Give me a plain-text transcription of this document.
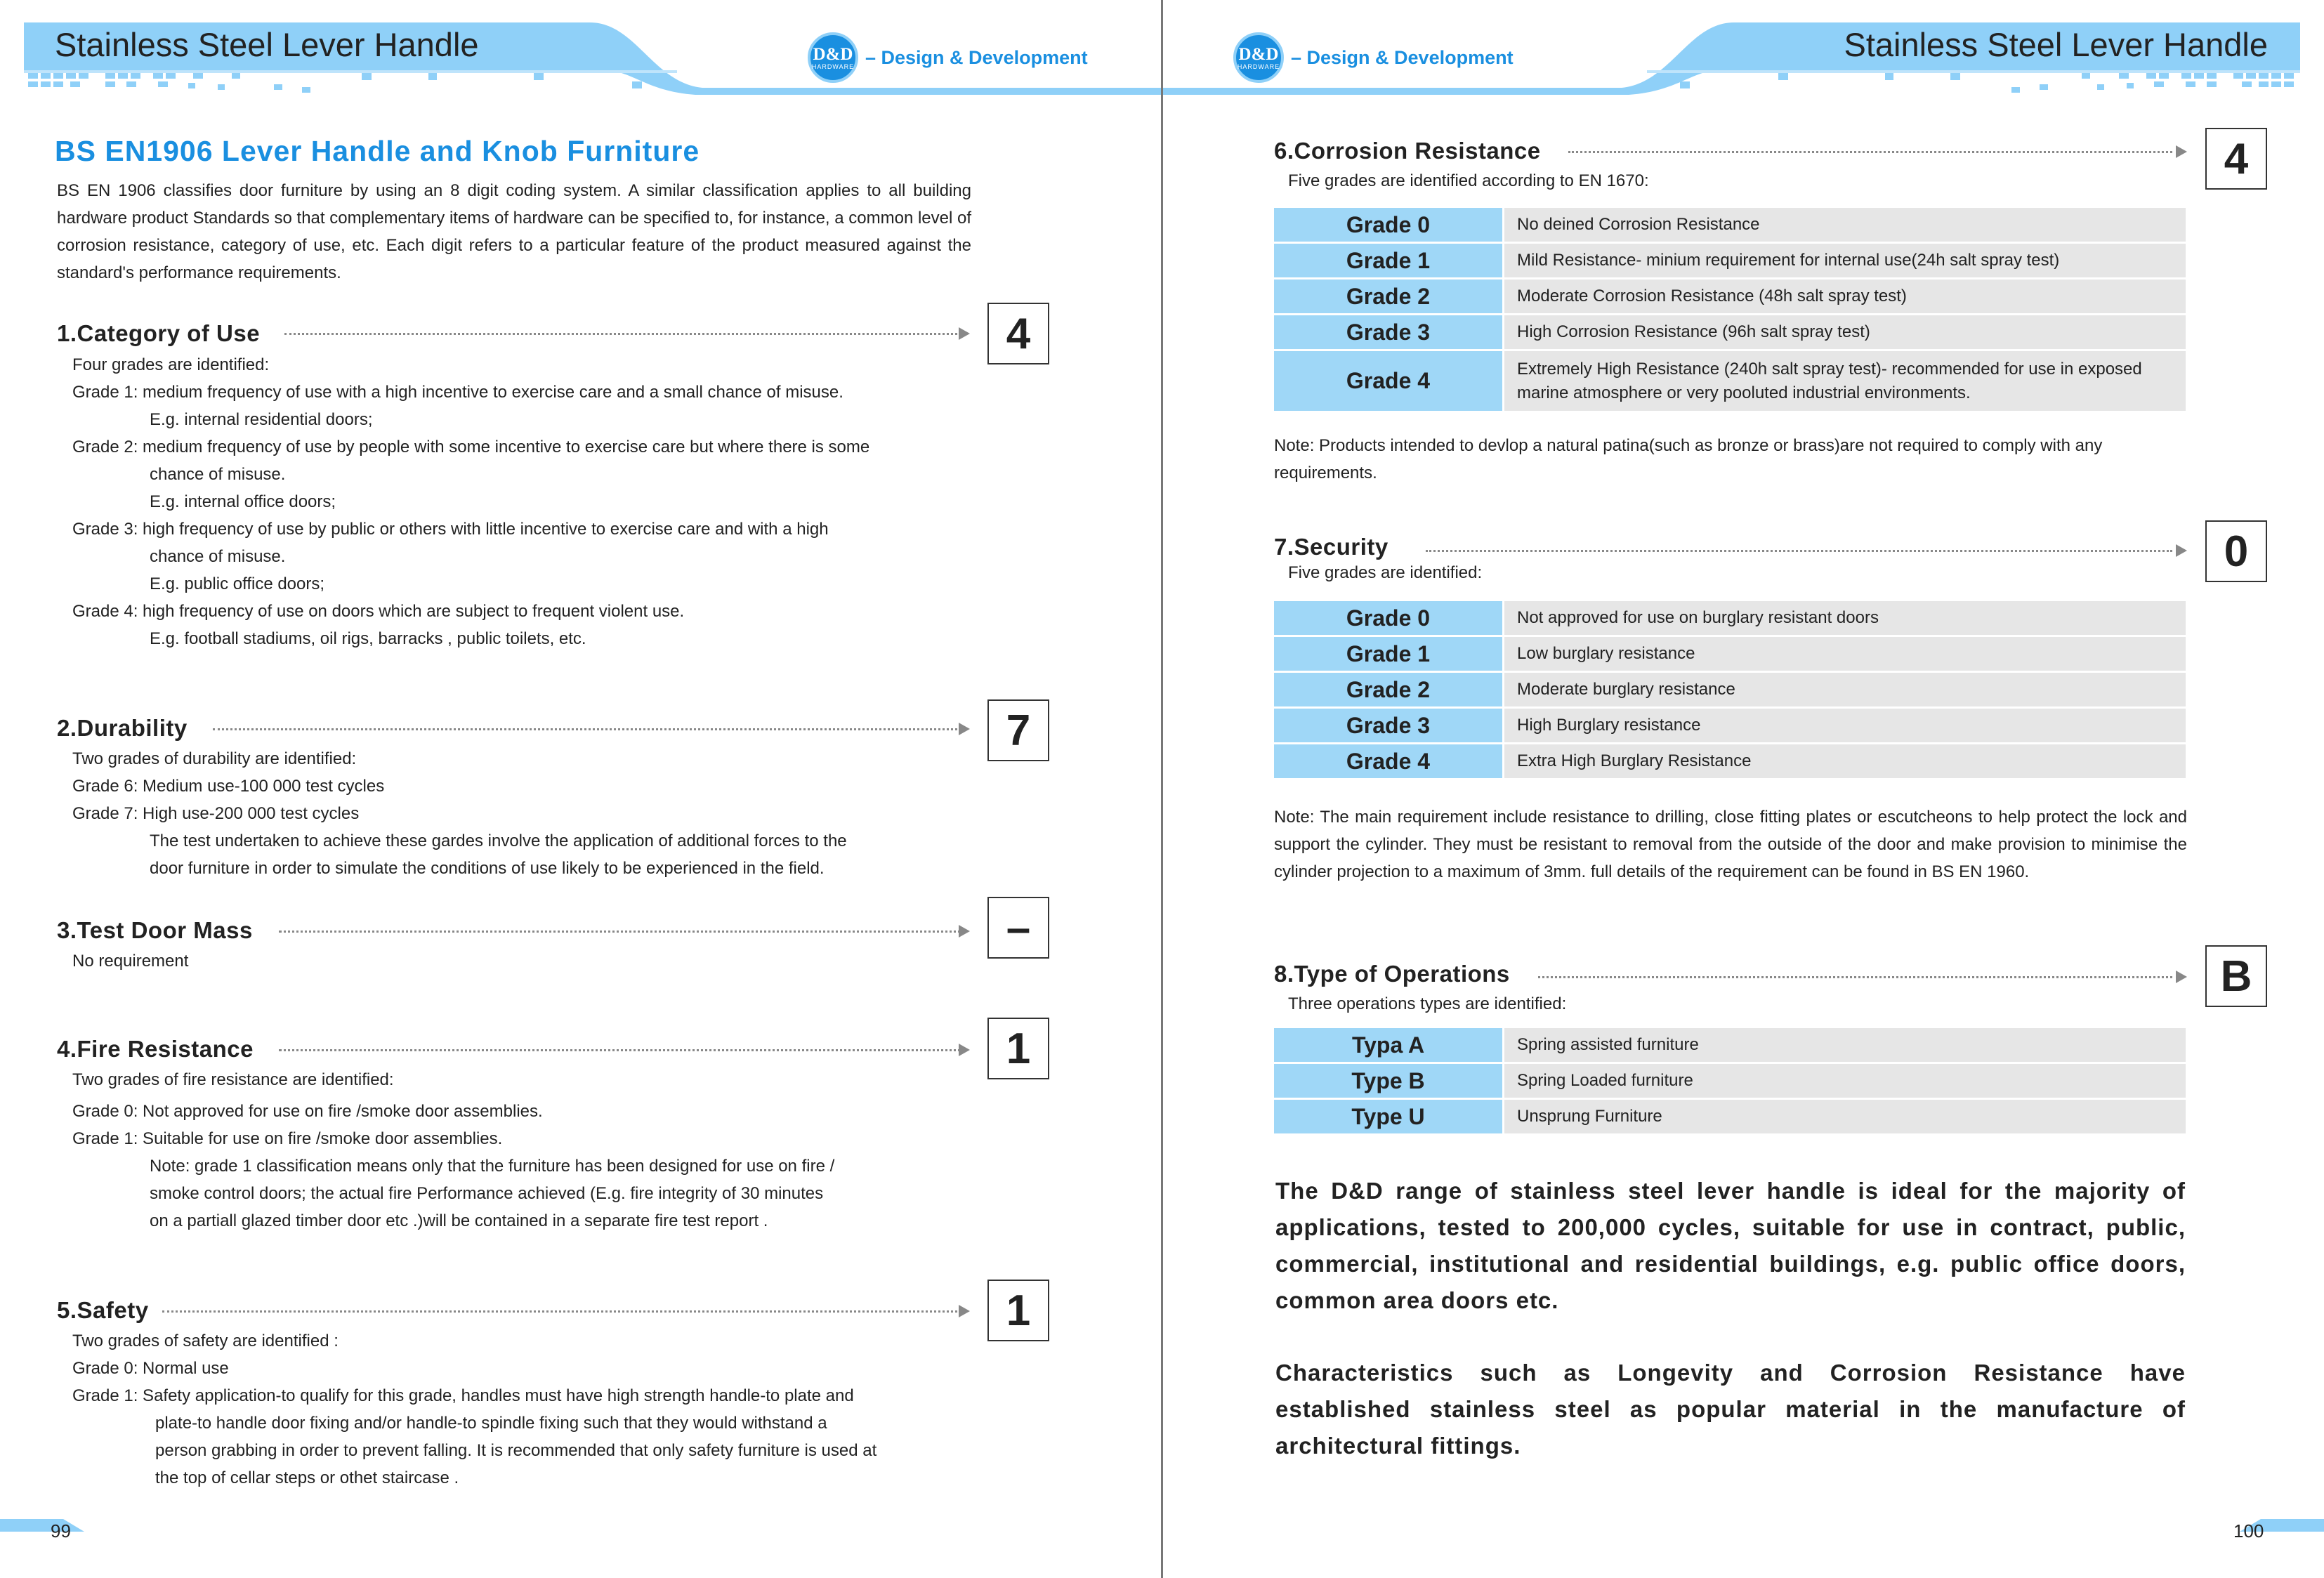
Stainless Steel Lever Handle	D&D
HARDWARE – Design & Development
BS EN1906 Lever Handle and Knob Furniture
BS EN 1906 classifies door furniture by using an 8 digit coding system. A similar classification applies to all building hardware product Standards so that complementary items of hardware can be specified to, for instance, a common level of corrosion resistance, category of use, etc. Each digit refers to a particular feature of the product measured against the standard's performance requirements.
1.Category of Use	4
Four grades are identified:
Grade 1: medium frequency of use with a high incentive to exercise care and a small chance of misuse.
E.g. internal residential doors;
Grade 2: medium frequency of use by people with some incentive to exercise care but where there is some
chance of misuse.
E.g. internal office doors;
Grade 3: high frequency of use by public or others with little incentive to exercise care and with a high
chance of misuse.
E.g. public office doors;
Grade 4: high frequency of use on doors which are subject to frequent violent use.
E.g. football stadiums, oil rigs, barracks , public toilets, etc.
2.Durability	7
Two grades of durability are identified:
Grade 6: Medium use-100 000 test cycles
Grade 7: High use-200 000 test cycles
The test undertaken to achieve these gardes involve the application of additional forces to the
door furniture in order to simulate the conditions of use likely to be experienced in the field.
3.Test Door Mass	–
No requirement
4.Fire Resistance	1
Two grades of fire resistance are identified:
Grade 0: Not approved for use on fire /smoke door assemblies.
Grade 1: Suitable for use on fire /smoke door assemblies.
Note: grade 1 classification means only that the furniture has been designed for use on fire /
smoke control doors; the actual fire Performance achieved (E.g. fire integrity of 30 minutes
on a partiall glazed timber door etc .)will be contained in a separate fire test report .
5.Safety	1
Two grades of safety are identified :
Grade 0: Normal use
Grade 1: Safety application-to qualify for this grade, handles must have high strength handle-to plate and
plate-to handle door fixing and/or handle-to spindle fixing such that they would withstand a
person grabbing in order to prevent falling. It is recommended that only safety furniture is used at
the top of cellar steps or othet staircase .
99
Stainless Steel Lever Handle
D&D
HARDWARE – Design & Development
6.Corrosion Resistance	4
Five grades are identified according to EN 1670:
Grade 0	No deined Corrosion Resistance
Grade 1	Mild Resistance- minium requirement for internal use(24h salt spray test)
Grade 2	Moderate Corrosion Resistance (48h salt spray test)
Grade 3	High Corrosion Resistance (96h salt spray test)
Grade 4	Extremely High Resistance (240h salt spray test)- recommended for use in exposed marine atmosphere or very pooluted industrial environments.
Note: Products intended to devlop a natural patina(such as bronze or brass)are not required to comply with any requirements.
7.Security	0
Five grades are identified:
Grade 0	Not approved for use on burglary resistant doors
Grade 1	Low burglary resistance
Grade 2	Moderate burglary resistance
Grade 3	High Burglary resistance
Grade 4	Extra High Burglary Resistance
Note: The main requirement include resistance to drilling, close fitting plates or escutcheons to help protect the lock and support the cylinder. They must be resistant to removal from the outside of the door and make provision to minimise the cylinder projection to a maximum of 3mm. full details of the requirement can be found in BS EN 1960.
8.Type of Operations	B
Three operations types are identified:
Typa A	Spring assisted furniture
Type B	Spring Loaded furniture
Type U	Unsprung Furniture
The D&D range of stainless steel lever handle is ideal for the majority of applications, tested to 200,000 cycles, suitable for use in contract, public, commercial, institutional and residential buildings, e.g. public office doors, common area doors etc.
Characteristics such as Longevity and Corrosion Resistance have established stainless steel as popular material in the manufacture of architectural fittings.
100
